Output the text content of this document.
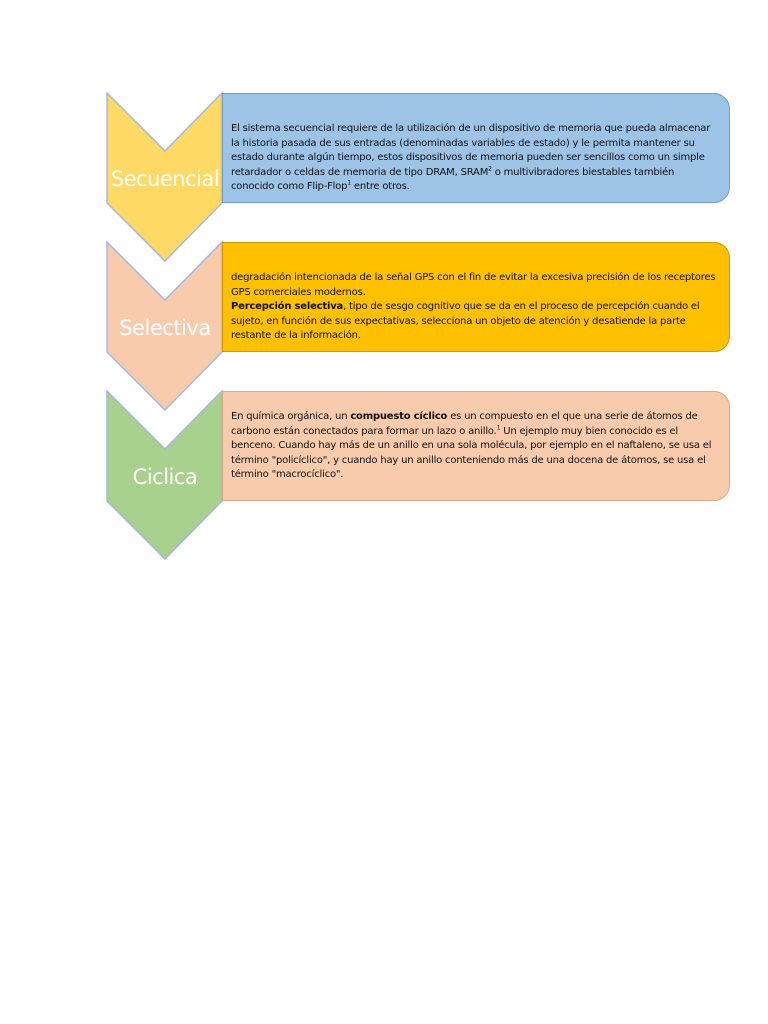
Secuencial
Selectiva
Ciclica

El sistema secuencial requiere de la utilización de un dispositivo de memoria que pueda almacenar la historia pasada de sus entradas (denominadas variables de estado) y le permita mantener su estado durante algún tiempo, estos dispositivos de memoria pueden ser sencillos como un simple retardador o celdas de memoria de tipo DRAM, SRAM$^2$ o multivibradores biestables también conocido como Flip-Flop$^1$ entre otros.

degradación intencionada de la señal GPS con el fin de evitar la excesiva precisión de los receptores GPS comerciales modernos.

Percepción selectiva, tipo de sesgo cognitivo que se da en el proceso de percepción cuando el sujeto, en función de sus expectativas, selecciona un objeto de atención y desatiende la parte restante de la información.

En química orgánica, un compuesto cíclico es un compuesto en el que una serie de átomos de carbono están conectados para formar un lazo o anillo.$^1$ Un ejemplo muy bien conocido es el benceno. Cuando hay más de un anillo en una sola molécula, por ejemplo en el naftaleno, se usa el término "policíclico", y cuando hay un anillo conteniendo más de una docena de átomos, se usa el término "macrocíclico".
